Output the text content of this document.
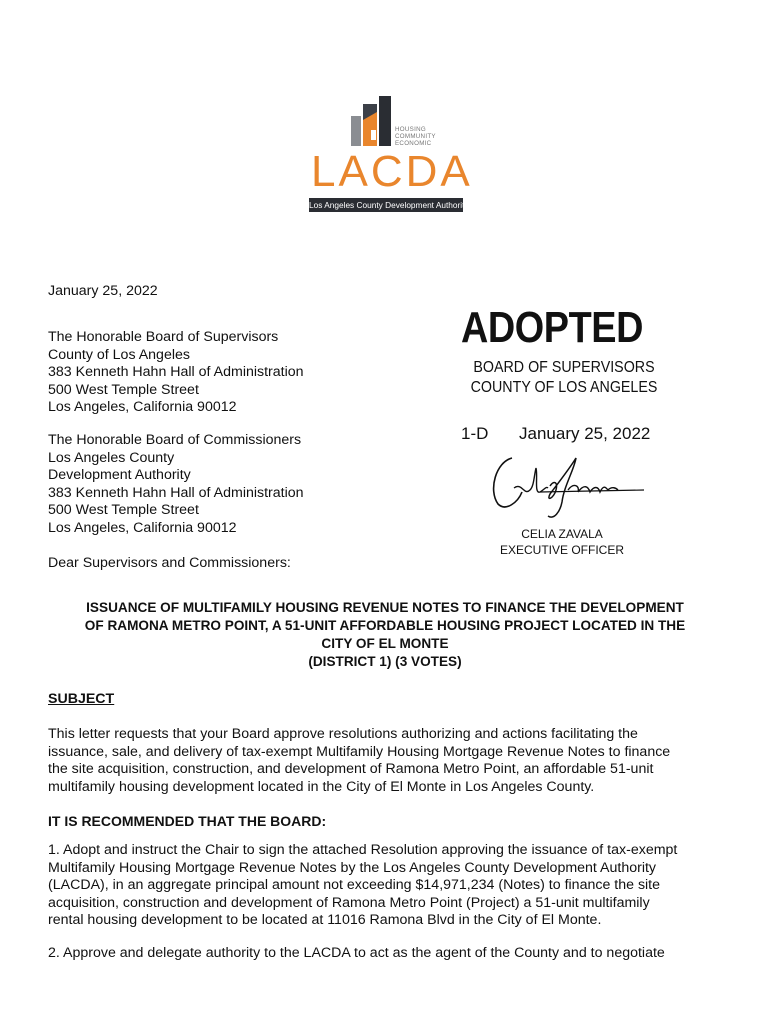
HOUSING
COMMUNITY
ECONOMIC
LACDA
Los Angeles County Development Authority
January 25, 2022
The Honorable Board of Supervisors
County of Los Angeles
383 Kenneth Hahn Hall of Administration
500 West Temple Street
Los Angeles, California 90012
The Honorable Board of Commissioners
Los Angeles County
Development Authority
383 Kenneth Hahn Hall of Administration
500 West Temple Street
Los Angeles, California 90012
Dear Supervisors and Commissioners:
ADOPTED
BOARD OF SUPERVISORS
COUNTY OF LOS ANGELES
1-D January 25, 2022
CELIA ZAVALA
EXECUTIVE OFFICER
ISSUANCE OF MULTIFAMILY HOUSING REVENUE NOTES TO FINANCE THE DEVELOPMENT
OF RAMONA METRO POINT, A 51-UNIT AFFORDABLE HOUSING PROJECT LOCATED IN THE
CITY OF EL MONTE
(DISTRICT 1) (3 VOTES)
SUBJECT
This letter requests that your Board approve resolutions authorizing and actions facilitating the
issuance, sale, and delivery of tax-exempt Multifamily Housing Mortgage Revenue Notes to finance
the site acquisition, construction, and development of Ramona Metro Point, an affordable 51-unit
multifamily housing development located in the City of El Monte in Los Angeles County.
IT IS RECOMMENDED THAT THE BOARD:
1. Adopt and instruct the Chair to sign the attached Resolution approving the issuance of tax-exempt
Multifamily Housing Mortgage Revenue Notes by the Los Angeles County Development Authority
(LACDA), in an aggregate principal amount not exceeding $14,971,234 (Notes) to finance the site
acquisition, construction and development of Ramona Metro Point (Project) a 51-unit multifamily
rental housing development to be located at 11016 Ramona Blvd in the City of El Monte.
2. Approve and delegate authority to the LACDA to act as the agent of the County and to negotiate
